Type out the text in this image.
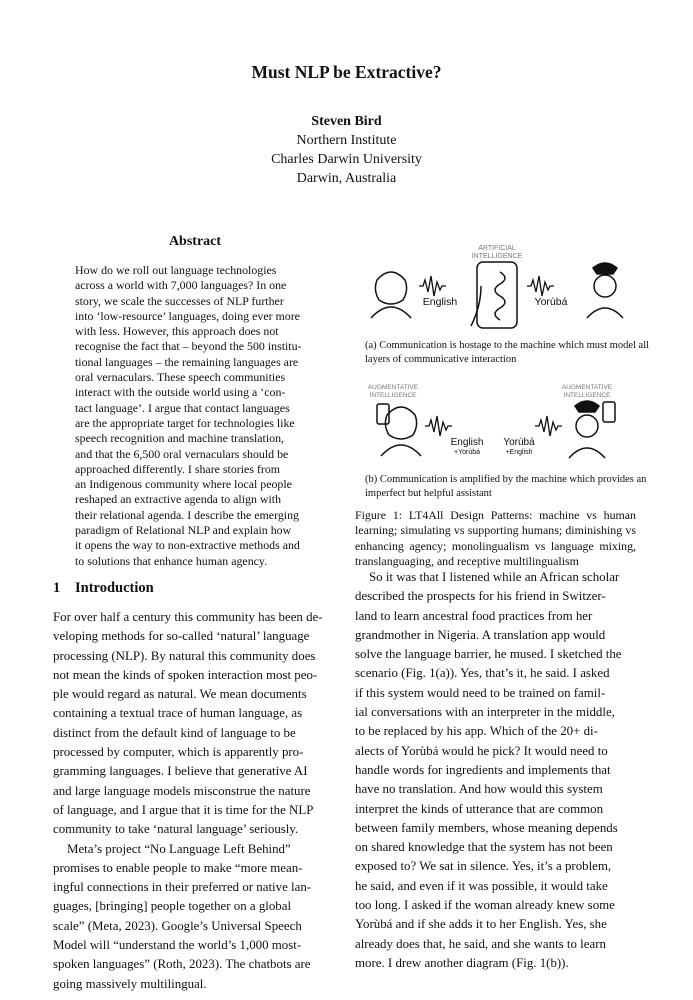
Must NLP be Extractive?
Steven Bird
Northern Institute
Charles Darwin University
Darwin, Australia
Abstract
How do we roll out language technologies
across a world with 7,000 languages? In one
story, we scale the successes of NLP further
into ‘low-resource’ languages, doing ever more
with less. However, this approach does not
recognise the fact that – beyond the 500 institu-
tional languages – the remaining languages are
oral vernaculars. These speech communities
interact with the outside world using a ‘con-
tact language’. I argue that contact languages
are the appropriate target for technologies like
speech recognition and machine translation,
and that the 6,500 oral vernaculars should be
approached differently. I share stories from
an Indigenous community where local people
reshaped an extractive agenda to align with
their relational agenda. I describe the emerging
paradigm of Relational NLP and explain how
it opens the way to non-extractive methods and
to solutions that enhance human agency.
ARTIFICIAL
INTELLIGENCE
English	Yorùbá
AUGMENTATIVE
INTELLIGENCE
AUGMENTATIVE
INTELLIGENCE
English
+Yorùbá
Yorùbá
+English
(a) Communication is hostage to the machine which must model all layers of communicative interaction
(b) Communication is amplified by the machine which provides an imperfect but helpful assistant
Figure 1: LT4All Design Patterns: machine vs human learning; simulating vs supporting humans; diminishing vs enhancing agency; monolingualism vs language mixing, translanguaging, and receptive multilingualism
1 Introduction
For over half a century this community has been de-
veloping methods for so-called ‘natural’ language
processing (NLP). By natural this community does
not mean the kinds of spoken interaction most peo-
ple would regard as natural. We mean documents
containing a textual trace of human language, as
distinct from the default kind of language to be
processed by computer, which is apparently pro-
gramming languages. I believe that generative AI
and large language models misconstrue the nature
of language, and I argue that it is time for the NLP
community to take ‘natural language’ seriously.
Meta’s project “No Language Left Behind”
promises to enable people to make “more mean-
ingful connections in their preferred or native lan-
guages, [bringing] people together on a global
scale” (Meta, 2023). Google’s Universal Speech
Model will “understand the world’s 1,000 most-
spoken languages” (Roth, 2023). The chatbots are
going massively multilingual.
So it was that I listened while an African scholar
described the prospects for his friend in Switzer-
land to learn ancestral food practices from her
grandmother in Nigeria. A translation app would
solve the language barrier, he mused. I sketched the
scenario (Fig. 1(a)). Yes, that’s it, he said. I asked
if this system would need to be trained on famil-
ial conversations with an interpreter in the middle,
to be replaced by his app. Which of the 20+ di-
alects of Yorùbá would he pick? It would need to
handle words for ingredients and implements that
have no translation. And how would this system
interpret the kinds of utterance that are common
between family members, whose meaning depends
on shared knowledge that the system has not been
exposed to? We sat in silence. Yes, it’s a problem,
he said, and even if it was possible, it would take
too long. I asked if the woman already knew some
Yorùbá and if she adds it to her English. Yes, she
already does that, he said, and she wants to learn
more. I drew another diagram (Fig. 1(b)).
